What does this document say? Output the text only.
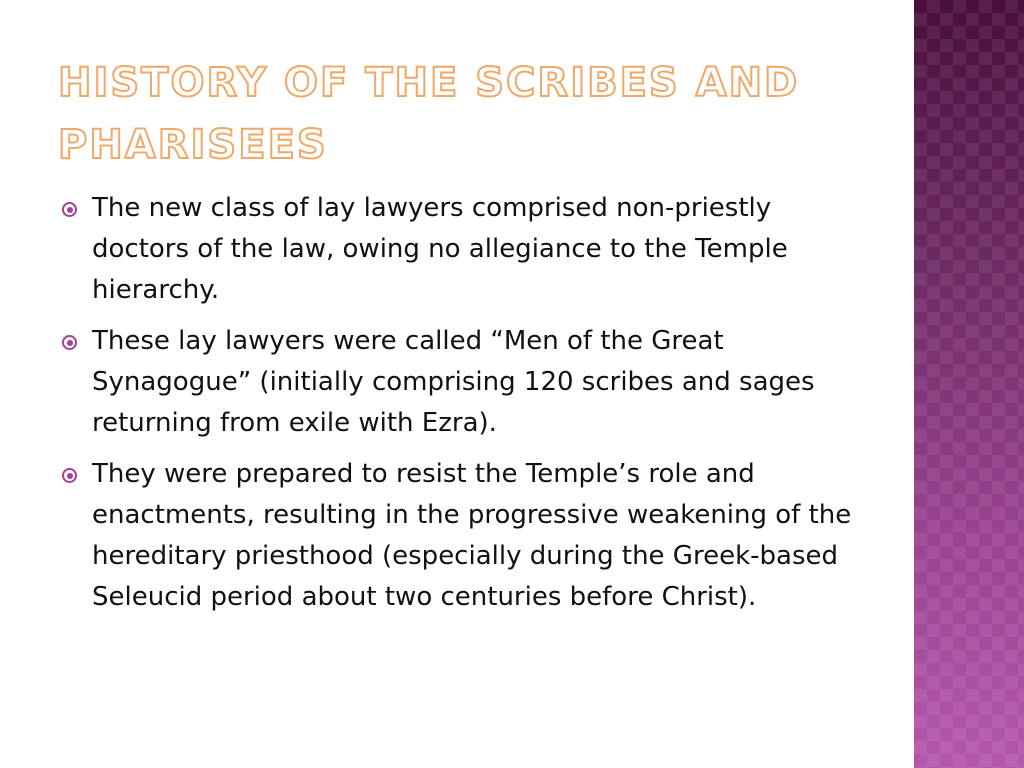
HISTORY OF THE SCRIBES AND PHARISEES
The new class of lay lawyers comprised non-priestly doctors of the law, owing no allegiance to the Temple hierarchy.
These lay lawyers were called “Men of the Great Synagogue” (initially comprising 120 scribes and sages returning from exile with Ezra).
They were prepared to resist the Temple’s role and enactments, resulting in the progressive weakening of the hereditary priesthood (especially during the Greek-based Seleucid period about two centuries before Christ).
